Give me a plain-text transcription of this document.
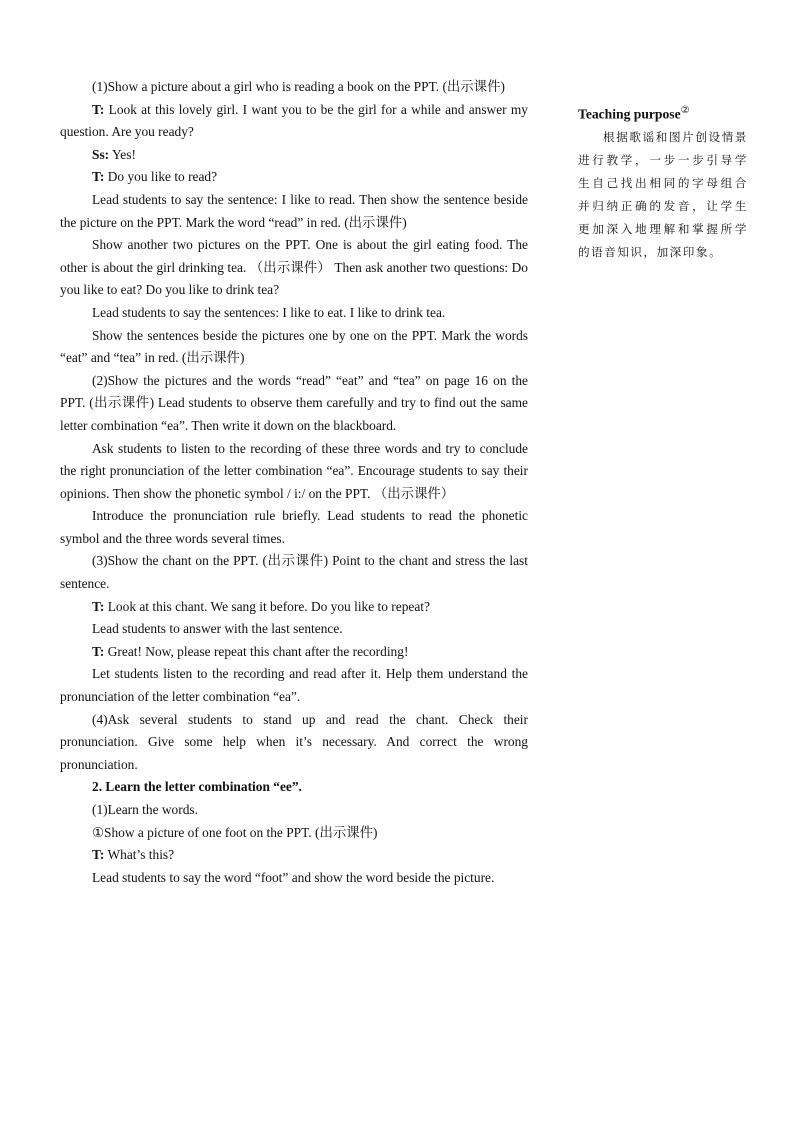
(1)Show a picture about a girl who is reading a book on the PPT. (出示课件)

T: Look at this lovely girl. I want you to be the girl for a while and answer my question. Are you ready?

Ss: Yes!

T: Do you like to read?

Lead students to say the sentence: I like to read. Then show the sentence beside the picture on the PPT. Mark the word “read” in red. (出示课件)

Show another two pictures on the PPT. One is about the girl eating food. The other is about the girl drinking tea. （出示课件） Then ask another two questions: Do you like to eat? Do you like to drink tea?

Lead students to say the sentences: I like to eat. I like to drink tea.

Show the sentences beside the pictures one by one on the PPT. Mark the words “eat” and “tea” in red. (出示课件)

(2)Show the pictures and the words “read” “eat” and “tea” on page 16 on the PPT. (出示课件) Lead students to observe them carefully and try to find out the same letter combination “ea”. Then write it down on the blackboard.

Ask students to listen to the recording of these three words and try to conclude the right pronunciation of the letter combination “ea”. Encourage students to say their opinions. Then show the phonetic symbol / i:/ on the PPT. （出示课件）

Introduce the pronunciation rule briefly. Lead students to read the phonetic symbol and the three words several times.

(3)Show the chant on the PPT. (出示课件) Point to the chant and stress the last sentence.

T: Look at this chant. We sang it before. Do you like to repeat?

Lead students to answer with the last sentence.

T: Great! Now, please repeat this chant after the recording!

Let students listen to the recording and read after it. Help them understand the pronunciation of the letter combination “ea”.

(4)Ask several students to stand up and read the chant. Check their pronunciation. Give some help when it’s necessary. And correct the wrong pronunciation.

2. Learn the letter combination “ee”.

(1)Learn the words.

①Show a picture of one foot on the PPT. (出示课件)

T: What’s this?

Lead students to say the word “foot” and show the word beside the picture.

Teaching purpose②

根据歌谣和图片创设情景进行教学，一步一步引导学生自己找出相同的字母组合并归纳正确的发音，让学生更加深入地理解和掌握所学的语音知识，加深印象。
